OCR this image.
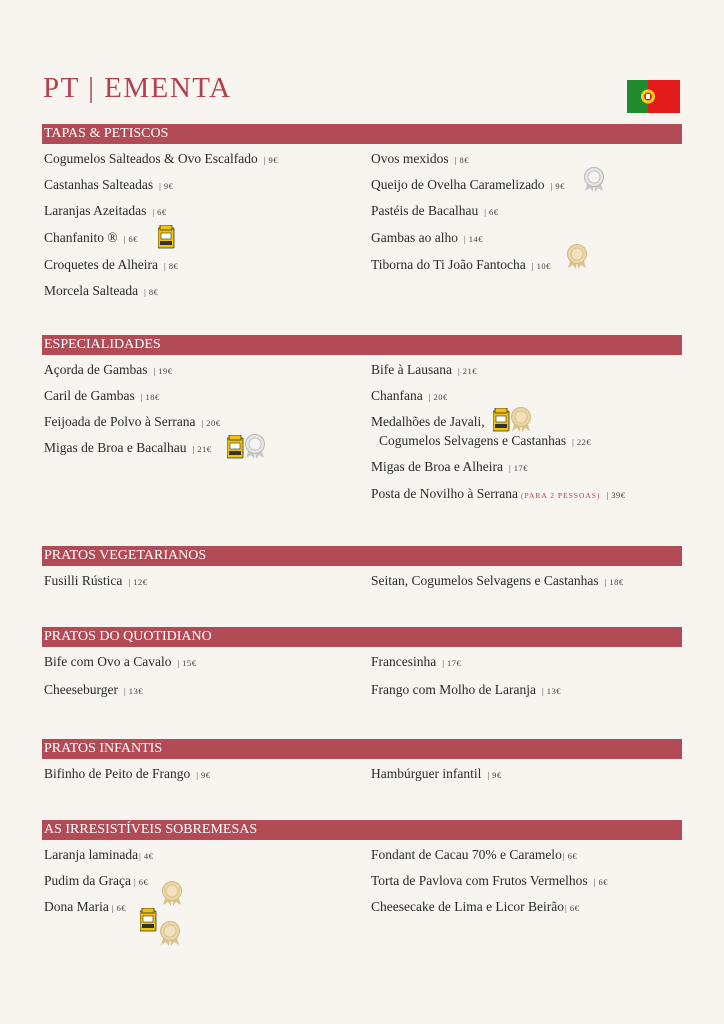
PT | EMENTA
TAPAS & PETISCOS
Cogumelos Salteados & Ovo Escalfado | 9€
Castanhas Salteadas | 9€
Laranjas Azeitadas | 6€
Chanfanito ® | 6€
Croquetes de Alheira | 8€
Morcela Salteada | 8€
Ovos mexidos | 8€
Queijo de Ovelha Caramelizado | 9€
Pastéis de Bacalhau | 6€
Gambas ao alho | 14€
Tiborna do Ti João Fantocha | 10€
ESPECIALIDADES
Açorda de Gambas | 19€
Caril de Gambas | 18€
Feijoada de Polvo à Serrana | 20€
Migas de Broa e Bacalhau | 21€
Bife à Lausana | 21€
Chanfana | 20€
Medalhões de Javali,
Cogumelos Selvagens e Castanhas | 22€
Migas de Broa e Alheira | 17€
Posta de Novilho à Serrana (PARA 2 PESSOAS) | 39€
PRATOS VEGETARIANOS
Fusilli Rústica | 12€	Seitan, Cogumelos Selvagens e Castanhas | 18€
PRATOS DO QUOTIDIANO
Bife com Ovo a Cavalo | 15€
Cheeseburger | 13€
Francesinha | 17€
Frango com Molho de Laranja | 13€
PRATOS INFANTIS
Bifinho de Peito de Frango | 9€	Hambúrguer infantil | 9€
AS IRRESISTÍVEIS SOBREMESAS
Laranja laminada| 4€
Pudim da Graça | 6€
Dona Maria | 6€
Fondant de Cacau 70% e Caramelo| 6€
Torta de Pavlova com Frutos Vermelhos | 6€
Cheesecake de Lima e Licor Beirão| 6€
